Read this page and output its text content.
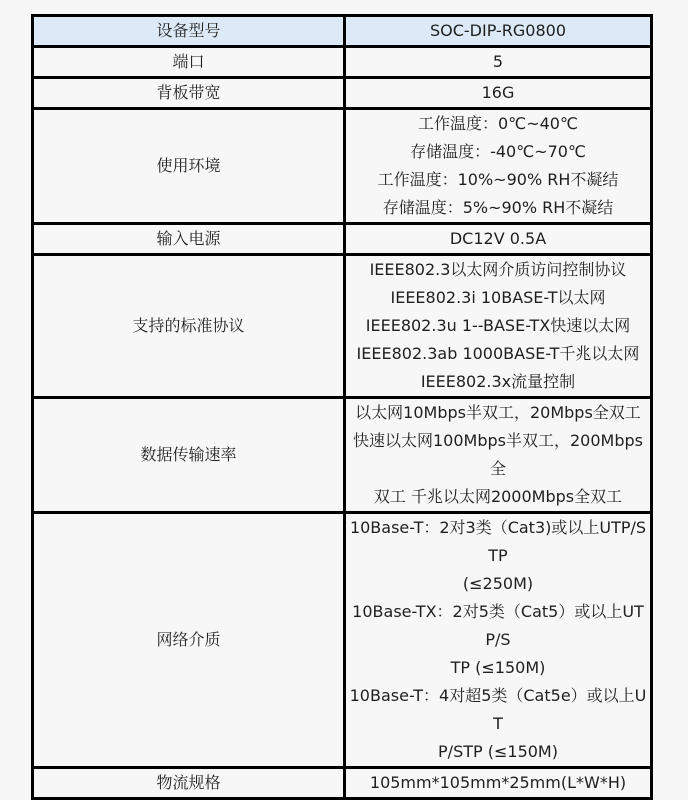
设备型号	SOC-DIP-RG0800

端口	5

背板带宽	16G

使用环境	工作温度：0℃~40℃
存储温度：-40℃~70℃
工作温度：10%~90% RH不凝结
存储温度：5%~90% RH不凝结

输入电源	DC12V 0.5A

支持的标准协议	IEEE802.3以太网介质访问控制协议
IEEE802.3i 10BASE-T以太网
IEEE802.3u 1--BASE-TX快速以太网
IEEE802.3ab 1000BASE-T千兆以太网
IEEE802.3x流量控制

数据传输速率	以太网10Mbps半双工，20Mbps全双工
快速以太网100Mbps半双工，200Mbps全
双工 千兆以太网2000Mbps全双工

网络介质	
10Base-T：2对3类（Cat3)或以上UTP/STP
(≤250M)
10Base-TX：2对5类（Cat5）或以上UTP/S
TP (≤150M)
10Base-T：4对超5类（Cat5e）或以上UT
P/STP (≤150M)

物流规格	105mm*105mm*25mm(L*W*H)
